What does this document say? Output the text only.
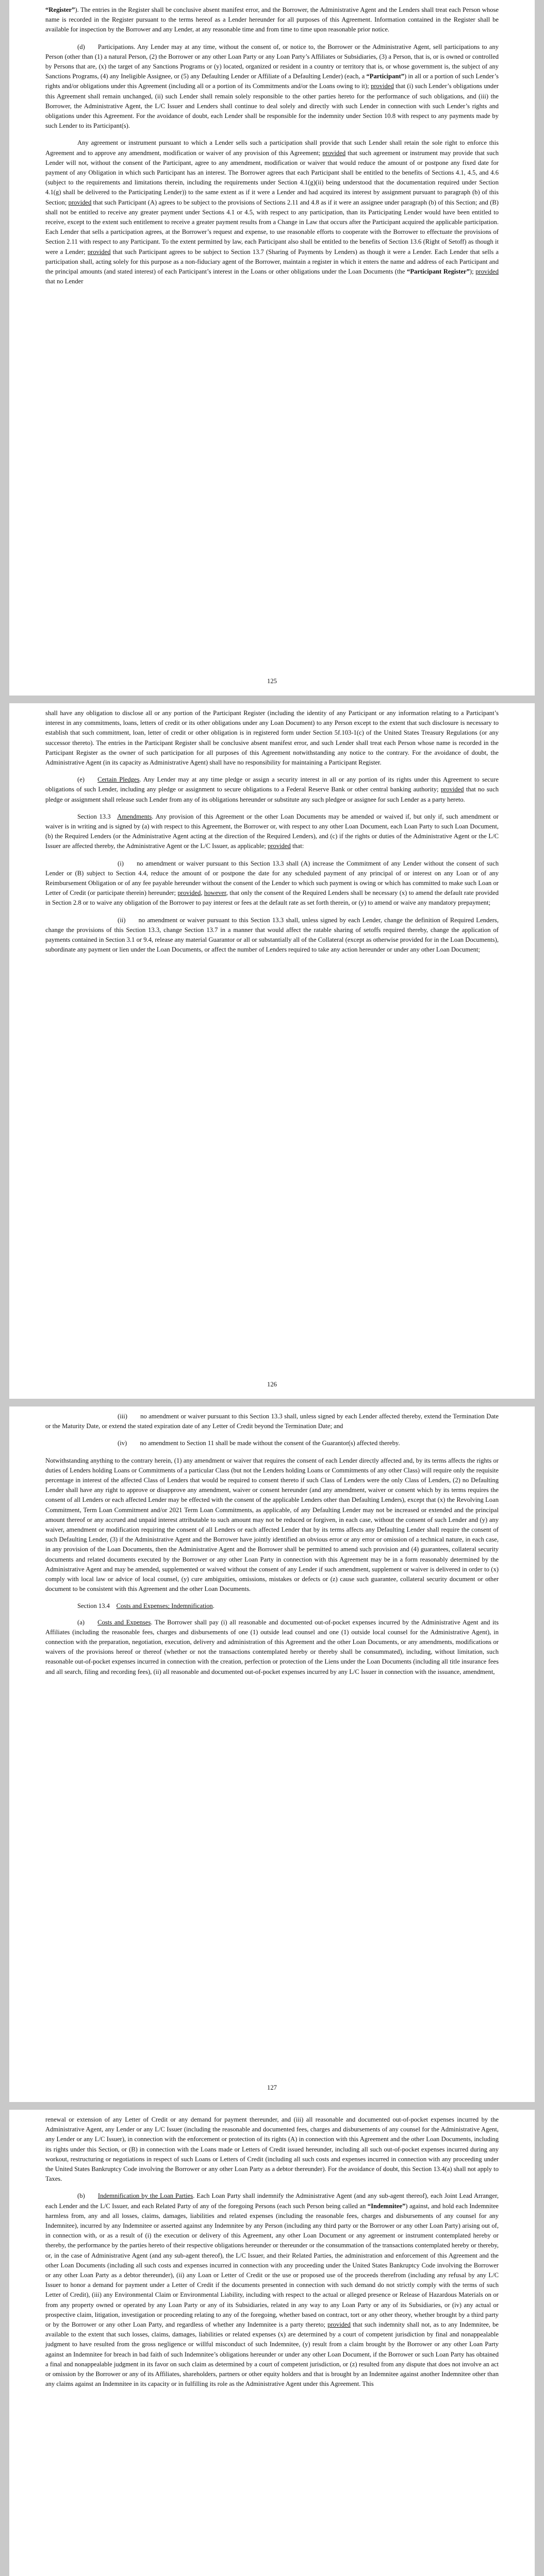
“Register”). The entries in the Register shall be conclusive absent manifest error, and the Borrower, the Administrative Agent and the Lenders shall treat each Person whose name is recorded in the Register pursuant to the terms hereof as a Lender hereunder for all purposes of this Agreement. Information contained in the Register shall be available for inspection by the Borrower and any Lender, at any reasonable time and from time to time upon reasonable prior notice.

(d)  Participations. Any Lender may at any time, without the consent of, or notice to, the Borrower or the Administrative Agent, sell participations to any Person (other than (1) a natural Person, (2) the Borrower or any other Loan Party or any Loan Party’s Affiliates or Subsidiaries, (3) a Person, that is, or is owned or controlled by Persons that are, (x) the target of any Sanctions Programs or (y) located, organized or resident in a country or territory that is, or whose government is, the subject of any Sanctions Programs, (4) any Ineligible Assignee, or (5) any Defaulting Lender or Affiliate of a Defaulting Lender) (each, a “Participant”) in all or a portion of such Lender’s rights and/or obligations under this Agreement (including all or a portion of its Commitments and/or the Loans owing to it); provided that (i) such Lender’s obligations under this Agreement shall remain unchanged, (ii) such Lender shall remain solely responsible to the other parties hereto for the performance of such obligations, and (iii) the Borrower, the Administrative Agent, the L/C Issuer and Lenders shall continue to deal solely and directly with such Lender in connection with such Lender’s rights and obligations under this Agreement. For the avoidance of doubt, each Lender shall be responsible for the indemnity under Section 10.8 with respect to any payments made by such Lender to its Participant(s).

Any agreement or instrument pursuant to which a Lender sells such a participation shall provide that such Lender shall retain the sole right to enforce this Agreement and to approve any amendment, modification or waiver of any provision of this Agreement; provided that such agreement or instrument may provide that such Lender will not, without the consent of the Participant, agree to any amendment, modification or waiver that would reduce the amount of or postpone any fixed date for payment of any Obligation in which such Participant has an interest. The Borrower agrees that each Participant shall be entitled to the benefits of Sections 4.1, 4.5, and 4.6 (subject to the requirements and limitations therein, including the requirements under Section 4.1(g)(ii) being understood that the documentation required under Section 4.1(g) shall be delivered to the Participating Lender)) to the same extent as if it were a Lender and had acquired its interest by assignment pursuant to paragraph (b) of this Section; provided that such Participant (A) agrees to be subject to the provisions of Sections 2.11 and 4.8 as if it were an assignee under paragraph (b) of this Section; and (B) shall not be entitled to receive any greater payment under Sections 4.1 or 4.5, with respect to any participation, than its Participating Lender would have been entitled to receive, except to the extent such entitlement to receive a greater payment results from a Change in Law that occurs after the Participant acquired the applicable participation. Each Lender that sells a participation agrees, at the Borrower’s request and expense, to use reasonable efforts to cooperate with the Borrower to effectuate the provisions of Section 2.11 with respect to any Participant. To the extent permitted by law, each Participant also shall be entitled to the benefits of Section 13.6 (Right of Setoff) as though it were a Lender; provided that such Participant agrees to be subject to Section 13.7 (Sharing of Payments by Lenders) as though it were a Lender. Each Lender that sells a participation shall, acting solely for this purpose as a non-fiduciary agent of the Borrower, maintain a register in which it enters the name and address of each Participant and the principal amounts (and stated interest) of each Participant’s interest in the Loans or other obligations under the Loan Documents (the “Participant Register”); provided that no Lender

125

shall have any obligation to disclose all or any portion of the Participant Register (including the identity of any Participant or any information relating to a Participant’s interest in any commitments, loans, letters of credit or its other obligations under any Loan Document) to any Person except to the extent that such disclosure is necessary to establish that such commitment, loan, letter of credit or other obligation is in registered form under Section 5f.103-1(c) of the United States Treasury Regulations (or any successor thereto). The entries in the Participant Register shall be conclusive absent manifest error, and such Lender shall treat each Person whose name is recorded in the Participant Register as the owner of such participation for all purposes of this Agreement notwithstanding any notice to the contrary. For the avoidance of doubt, the Administrative Agent (in its capacity as Administrative Agent) shall have no responsibility for maintaining a Participant Register.

(e)  Certain Pledges. Any Lender may at any time pledge or assign a security interest in all or any portion of its rights under this Agreement to secure obligations of such Lender, including any pledge or assignment to secure obligations to a Federal Reserve Bank or other central banking authority; provided that no such pledge or assignment shall release such Lender from any of its obligations hereunder or substitute any such pledgee or assignee for such Lender as a party hereto.

Section 13.3 Amendments. Any provision of this Agreement or the other Loan Documents may be amended or waived if, but only if, such amendment or waiver is in writing and is signed by (a) with respect to this Agreement, the Borrower or, with respect to any other Loan Document, each Loan Party to such Loan Document, (b) the Required Lenders (or the Administrative Agent acting at the direction of the Required Lenders), and (c) if the rights or duties of the Administrative Agent or the L/C Issuer are affected thereby, the Administrative Agent or the L/C Issuer, as applicable; provided that:

(i)  no amendment or waiver pursuant to this Section 13.3 shall (A) increase the Commitment of any Lender without the consent of such Lender or (B) subject to Section 4.4, reduce the amount of or postpone the date for any scheduled payment of any principal of or interest on any Loan or of any Reimbursement Obligation or of any fee payable hereunder without the consent of the Lender to which such payment is owing or which has committed to make such Loan or Letter of Credit (or participate therein) hereunder; provided, however, that only the consent of the Required Lenders shall be necessary (x) to amend the default rate provided in Section 2.8 or to waive any obligation of the Borrower to pay interest or fees at the default rate as set forth therein, or (y) to amend or waive any mandatory prepayment;

(ii)  no amendment or waiver pursuant to this Section 13.3 shall, unless signed by each Lender, change the definition of Required Lenders, change the provisions of this Section 13.3, change Section 13.7 in a manner that would affect the ratable sharing of setoffs required thereby, change the application of payments contained in Section 3.1 or 9.4, release any material Guarantor or all or substantially all of the Collateral (except as otherwise provided for in the Loan Documents), subordinate any payment or lien under the Loan Documents, or affect the number of Lenders required to take any action hereunder or under any other Loan Document;

126

(iii)  no amendment or waiver pursuant to this Section 13.3 shall, unless signed by each Lender affected thereby, extend the Termination Date or the Maturity Date, or extend the stated expiration date of any Letter of Credit beyond the Termination Date; and

(iv)  no amendment to Section 11 shall be made without the consent of the Guarantor(s) affected thereby.

Notwithstanding anything to the contrary herein, (1) any amendment or waiver that requires the consent of each Lender directly affected and, by its terms affects the rights or duties of Lenders holding Loans or Commitments of a particular Class (but not the Lenders holding Loans or Commitments of any other Class) will require only the requisite percentage in interest of the affected Class of Lenders that would be required to consent thereto if such Class of Lenders were the only Class of Lenders, (2) no Defaulting Lender shall have any right to approve or disapprove any amendment, waiver or consent hereunder (and any amendment, waiver or consent which by its terms requires the consent of all Lenders or each affected Lender may be effected with the consent of the applicable Lenders other than Defaulting Lenders), except that (x) the Revolving Loan Commitment, Term Loan Commitment and/or 2021 Term Loan Commitments, as applicable, of any Defaulting Lender may not be increased or extended and the principal amount thereof or any accrued and unpaid interest attributable to such amount may not be reduced or forgiven, in each case, without the consent of such Lender and (y) any waiver, amendment or modification requiring the consent of all Lenders or each affected Lender that by its terms affects any Defaulting Lender shall require the consent of such Defaulting Lender, (3) if the Administrative Agent and the Borrower have jointly identified an obvious error or any error or omission of a technical nature, in each case, in any provision of the Loan Documents, then the Administrative Agent and the Borrower shall be permitted to amend such provision and (4) guarantees, collateral security documents and related documents executed by the Borrower or any other Loan Party in connection with this Agreement may be in a form reasonably determined by the Administrative Agent and may be amended, supplemented or waived without the consent of any Lender if such amendment, supplement or waiver is delivered in order to (x) comply with local law or advice of local counsel, (y) cure ambiguities, omissions, mistakes or defects or (z) cause such guarantee, collateral security document or other document to be consistent with this Agreement and the other Loan Documents.

Section 13.4 Costs and Expenses; Indemnification.

(a)  Costs and Expenses. The Borrower shall pay (i) all reasonable and documented out-of-pocket expenses incurred by the Administrative Agent and its Affiliates (including the reasonable fees, charges and disbursements of one (1) outside lead counsel and one (1) outside local counsel for the Administrative Agent), in connection with the preparation, negotiation, execution, delivery and administration of this Agreement and the other Loan Documents, or any amendments, modifications or waivers of the provisions hereof or thereof (whether or not the transactions contemplated hereby or thereby shall be consummated), including, without limitation, such reasonable out-of-pocket expenses incurred in connection with the creation, perfection or protection of the Liens under the Loan Documents (including all title insurance fees and all search, filing and recording fees), (ii) all reasonable and documented out-of-pocket expenses incurred by any L/C Issuer in connection with the issuance, amendment,

127

renewal or extension of any Letter of Credit or any demand for payment thereunder, and (iii) all reasonable and documented out-of-pocket expenses incurred by the Administrative Agent, any Lender or any L/C Issuer (including the reasonable and documented fees, charges and disbursements of any counsel for the Administrative Agent, any Lender or any L/C Issuer), in connection with the enforcement or protection of its rights (A) in connection with this Agreement and the other Loan Documents, including its rights under this Section, or (B) in connection with the Loans made or Letters of Credit issued hereunder, including all such out-of-pocket expenses incurred during any workout, restructuring or negotiations in respect of such Loans or Letters of Credit (including all such costs and expenses incurred in connection with any proceeding under the United States Bankruptcy Code involving the Borrower or any other Loan Party as a debtor thereunder). For the avoidance of doubt, this Section 13.4(a) shall not apply to Taxes.

(b)  Indemnification by the Loan Parties. Each Loan Party shall indemnify the Administrative Agent (and any sub-agent thereof), each Joint Lead Arranger, each Lender and the L/C Issuer, and each Related Party of any of the foregoing Persons (each such Person being called an “Indemnitee”) against, and hold each Indemnitee harmless from, any and all losses, claims, damages, liabilities and related expenses (including the reasonable fees, charges and disbursements of any counsel for any Indemnitee), incurred by any Indemnitee or asserted against any Indemnitee by any Person (including any third party or the Borrower or any other Loan Party) arising out of, in connection with, or as a result of (i) the execution or delivery of this Agreement, any other Loan Document or any agreement or instrument contemplated hereby or thereby, the performance by the parties hereto of their respective obligations hereunder or thereunder or the consummation of the transactions contemplated hereby or thereby, or, in the case of Administrative Agent (and any sub-agent thereof), the L/C Issuer, and their Related Parties, the administration and enforcement of this Agreement and the other Loan Documents (including all such costs and expenses incurred in connection with any proceeding under the United States Bankruptcy Code involving the Borrower or any other Loan Party as a debtor thereunder), (ii) any Loan or Letter of Credit or the use or proposed use of the proceeds therefrom (including any refusal by any L/C Issuer to honor a demand for payment under a Letter of Credit if the documents presented in connection with such demand do not strictly comply with the terms of such Letter of Credit), (iii) any Environmental Claim or Environmental Liability, including with respect to the actual or alleged presence or Release of Hazardous Materials on or from any property owned or operated by any Loan Party or any of its Subsidiaries, related in any way to any Loan Party or any of its Subsidiaries, or (iv) any actual or prospective claim, litigation, investigation or proceeding relating to any of the foregoing, whether based on contract, tort or any other theory, whether brought by a third party or by the Borrower or any other Loan Party, and regardless of whether any Indemnitee is a party thereto; provided that such indemnity shall not, as to any Indemnitee, be available to the extent that such losses, claims, damages, liabilities or related expenses (x) are determined by a court of competent jurisdiction by final and nonappealable judgment to have resulted from the gross negligence or willful misconduct of such Indemnitee, (y) result from a claim brought by the Borrower or any other Loan Party against an Indemnitee for breach in bad faith of such Indemnitee’s obligations hereunder or under any other Loan Document, if the Borrower or such Loan Party has obtained a final and nonappealable judgment in its favor on such claim as determined by a court of competent jurisdiction, or (z) resulted from any dispute that does not involve an act or omission by the Borrower or any of its Affiliates, shareholders, partners or other equity holders and that is brought by an Indemnitee against another Indemnitee other than any claims against an Indemnitee in its capacity or in fulfilling its role as the Administrative Agent under this Agreement. This
